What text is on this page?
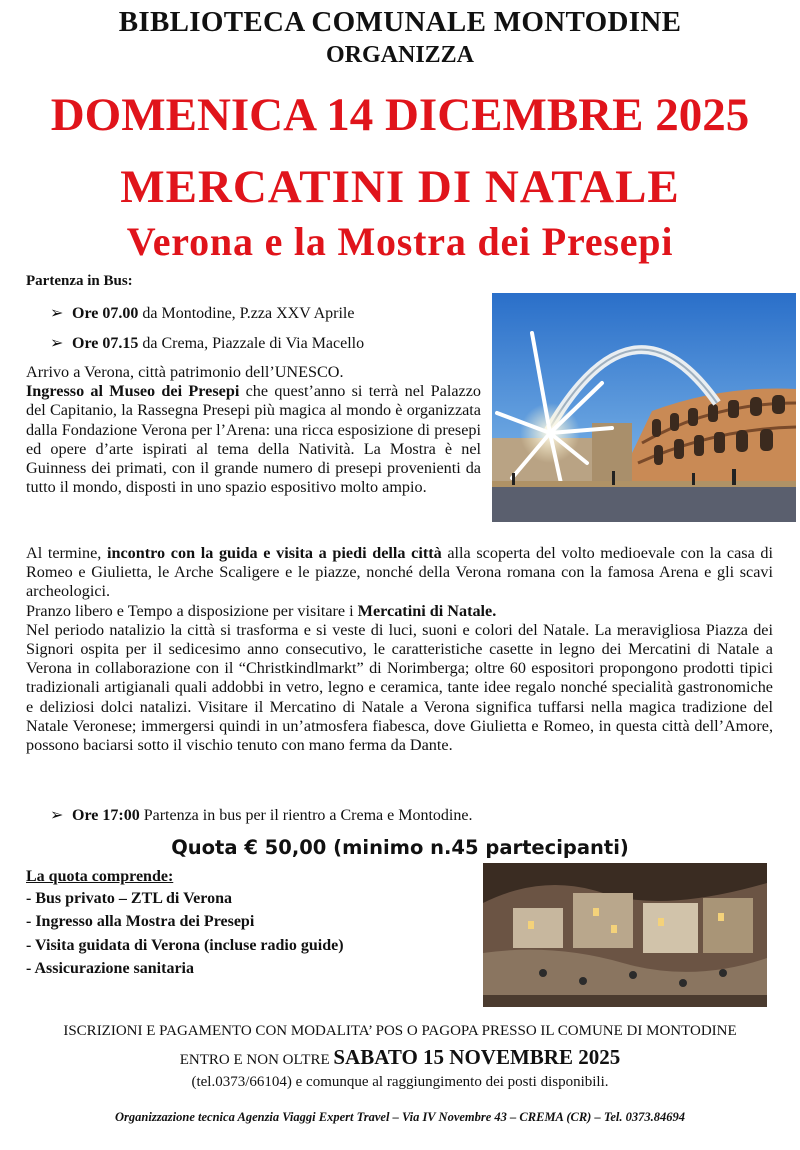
BIBLIOTECA COMUNALE MONTODINE
ORGANIZZA
DOMENICA 14 DICEMBRE 2025
MERCATINI DI NATALE
Verona e la Mostra dei Presepi
Partenza in Bus:
➢ Ore 07.00 da Montodine, P.zza XXV Aprile
➢ Ore 07.15 da Crema, Piazzale di Via Macello
Arrivo a Verona, città patrimonio dell’UNESCO.
Ingresso al Museo dei Presepi che quest’anno si terrà nel Palazzo del Capitanio, la Rassegna Presepi più magica al mondo è organizzata dalla Fondazione Verona per l’Arena: una ricca esposizione di presepi ed opere d’arte ispirati al tema della Natività. La Mostra è nel Guinness dei primati, con il grande numero di presepi provenienti da tutto il mondo, disposti in uno spazio espositivo molto ampio.
Al termine, incontro con la guida e visita a piedi della città alla scoperta del volto medioevale con la casa di Romeo e Giulietta, le Arche Scaligere e le piazze, nonché della Verona romana con la famosa Arena e gli scavi archeologici.
Pranzo libero e Tempo a disposizione per visitare i Mercatini di Natale.
Nel periodo natalizio la città si trasforma e si veste di luci, suoni e colori del Natale. La meravigliosa Piazza dei Signori ospita per il sedicesimo anno consecutivo, le caratteristiche casette in legno dei Mercatini di Natale a Verona in collaborazione con il “Christkindlmarkt” di Norimberga; oltre 60 espositori propongono prodotti tipici tradizionali artigianali quali addobbi in vetro, legno e ceramica, tante idee regalo nonché specialità gastronomiche e deliziosi dolci natalizi. Visitare il Mercatino di Natale a Verona significa tuffarsi nella magica tradizione del Natale Veronese; immergersi quindi in un’atmosfera fiabesca, dove Giulietta e Romeo, in questa città dell’Amore, possono baciarsi sotto il vischio tenuto con mano ferma da Dante.
➢ Ore 17:00 Partenza in bus per il rientro a Crema e Montodine.
Quota € 50,00 (minimo n.45 partecipanti)
La quota comprende:
- Bus privato – ZTL di Verona
- Ingresso alla Mostra dei Presepi
- Visita guidata di Verona (incluse radio guide)
- Assicurazione sanitaria
ISCRIZIONI E PAGAMENTO CON MODALITA’ POS O PAGOPA PRESSO IL COMUNE DI MONTODINE
ENTRO E NON OLTRE SABATO 15 NOVEMBRE 2025
(tel.0373/66104) e comunque al raggiungimento dei posti disponibili.
Organizzazione tecnica Agenzia Viaggi Expert Travel – Via IV Novembre 43 – CREMA (CR) – Tel. 0373.84694
